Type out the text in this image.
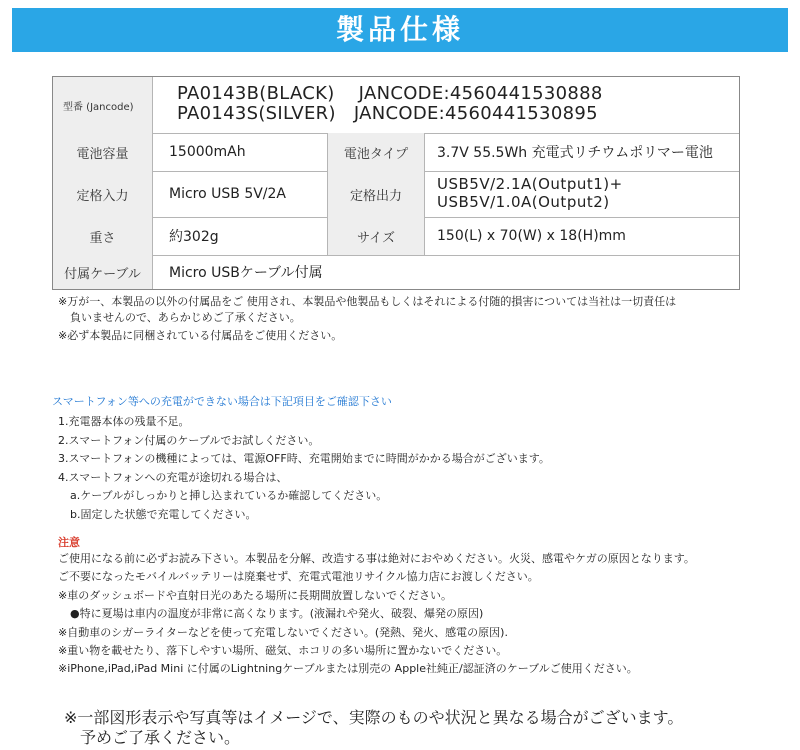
製品仕様
型番 (Jancode)
PA0143B(BLACK)    JANCODE:4560441530888
PA0143S(SILVER)   JANCODE:4560441530895
電池容量	15000mAh	電池タイプ	3.7V 55.5Wh 充電式リチウムポリマー電池
定格入力	Micro USB 5V/2A	定格出力
USB5V/2.1A(Output1)+
USB5V/1.0A(Output2)
重さ	約302g	サイズ	150(L) x 70(W) x 18(H)mm
付属ケーブル	Micro USBケーブル付属
※万が一、本製品の以外の付属品をご 使用され、本製品や他製品もしくはそれによる付随的損害については当社は一切責任は
負いませんので、あらかじめご了承ください。
※必ず本製品に同梱されている付属品をご使用ください。
スマートフォン等への充電ができない場合は下記項目をご確認下さい
1.充電器本体の残量不足。
2.スマートフォン付属のケーブルでお試しください。
3.スマートフォンの機種によっては、電源OFF時、充電開始までに時間がかかる場合がございます。
4.スマートフォンへの充電が途切れる場合は、
a.ケーブルがしっかりと挿し込まれているか確認してください。
b.固定した状態で充電してください。
注意
ご使用になる前に必ずお読み下さい。本製品を分解、改造する事は絶対におやめください。火災、感電やケガの原因となります。
ご不要になったモバイルバッテリーは廃棄せず、充電式電池リサイクル協力店にお渡しください。
※車のダッシュボードや直射日光のあたる場所に長期間放置しないでください。
●特に夏場は車内の温度が非常に高くなります。(液漏れや発火、破裂、爆発の原因)
※自動車のシガーライターなどを使って充電しないでください。(発熱、発火、感電の原因).
※重い物を載せたり、落下しやすい場所、磁気、ホコリの多い場所に置かないでください。
※iPhone,iPad,iPad Mini に付属のLightningケーブルまたは別売の Apple社純正/認証済のケーブルご使用ください。
※一部図形表示や写真等はイメージで、実際のものや状況と異なる場合がございます。
予めご了承ください。
